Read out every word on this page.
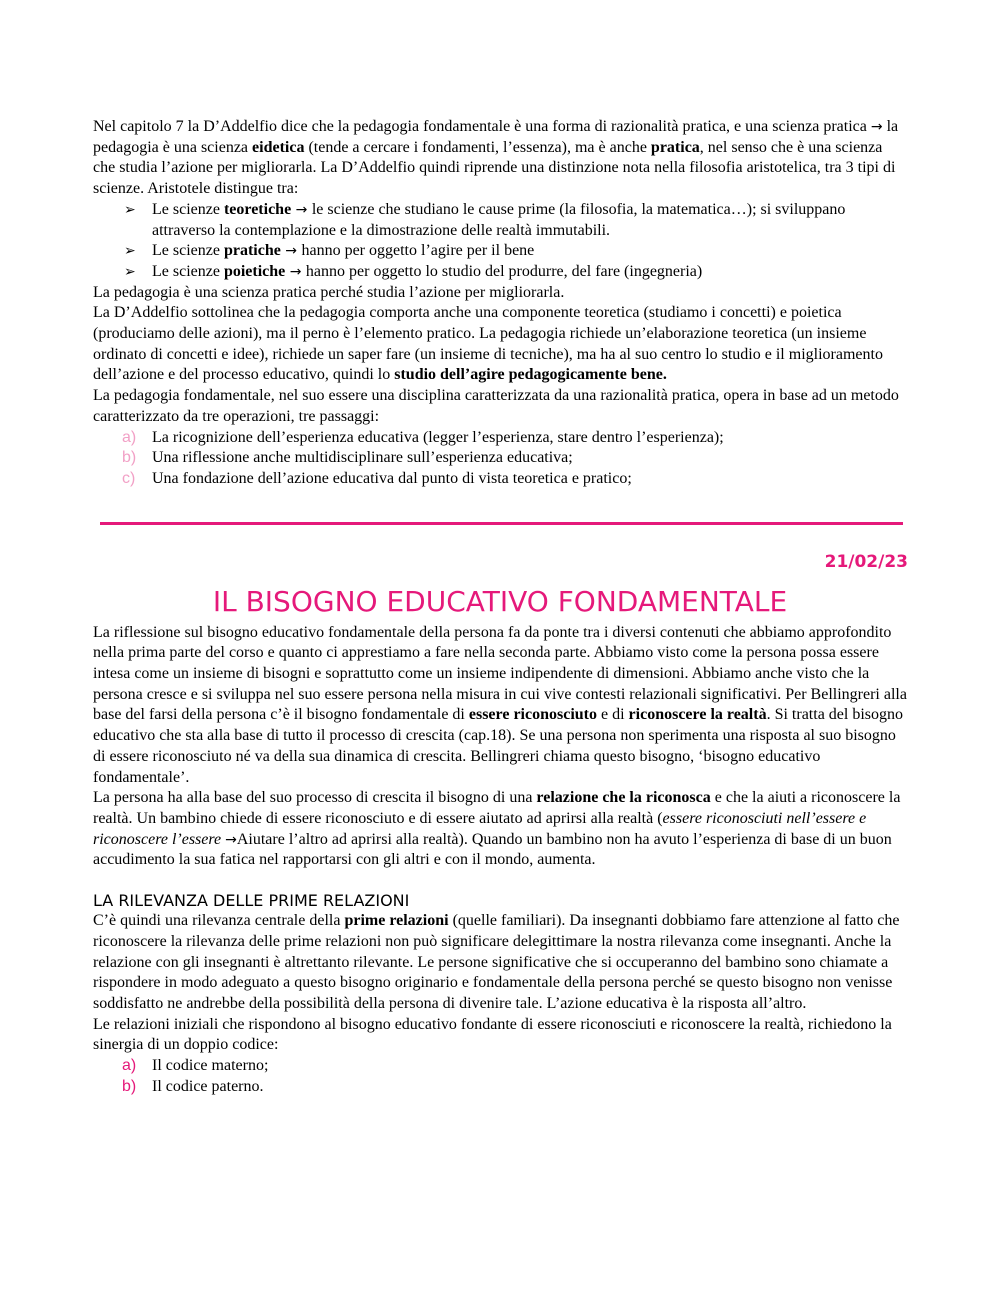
Nel capitolo 7 la D’Addelfio dice che la pedagogia fondamentale è una forma di razionalità pratica, e una scienza pratica → la pedagogia è una scienza eidetica (tende a cercare i fondamenti, l’essenza), ma è anche pratica, nel senso che è una scienza che studia l’azione per migliorarla. La D’Addelfio quindi riprende una distinzione nota nella filosofia aristotelica, tra 3 tipi di scienze. Aristotele distingue tra:

➢ Le scienze teoretiche → le scienze che studiano le cause prime (la filosofia, la matematica…); si sviluppano attraverso la contemplazione e la dimostrazione delle realtà immutabili.
➢ Le scienze pratiche → hanno per oggetto l’agire per il bene
➢ Le scienze poietiche → hanno per oggetto lo studio del produrre, del fare (ingegneria)

La pedagogia è una scienza pratica perché studia l’azione per migliorarla.

La D’Addelfio sottolinea che la pedagogia comporta anche una componente teoretica (studiamo i concetti) e poietica (produciamo delle azioni), ma il perno è l’elemento pratico. La pedagogia richiede un’elaborazione teoretica (un insieme ordinato di concetti e idee), richiede un saper fare (un insieme di tecniche), ma ha al suo centro lo studio e il miglioramento dell’azione e del processo educativo, quindi lo studio dell’agire pedagogicamente bene.

La pedagogia fondamentale, nel suo essere una disciplina caratterizzata da una razionalità pratica, opera in base ad un metodo caratterizzato da tre operazioni, tre passaggi:

a) La ricognizione dell’esperienza educativa (legger l’esperienza, stare dentro l’esperienza);
b) Una riflessione anche multidisciplinare sull’esperienza educativa;
c) Una fondazione dell’azione educativa dal punto di vista teoretica e pratico;
21/02/23
IL BISOGNO EDUCATIVO FONDAMENTALE

La riflessione sul bisogno educativo fondamentale della persona fa da ponte tra i diversi contenuti che abbiamo approfondito nella prima parte del corso e quanto ci apprestiamo a fare nella seconda parte. Abbiamo visto come la persona possa essere intesa come un insieme di bisogni e soprattutto come un insieme indipendente di dimensioni. Abbiamo anche visto che la persona cresce e si sviluppa nel suo essere persona nella misura in cui vive contesti relazionali significativi. Per Bellingreri alla base del farsi della persona c’è il bisogno fondamentale di essere riconosciuto e di riconoscere la realtà. Si tratta del bisogno educativo che sta alla base di tutto il processo di crescita (cap.18). Se una persona non sperimenta una risposta al suo bisogno di essere riconosciuto né va della sua dinamica di crescita. Bellingreri chiama questo bisogno, ‘bisogno educativo fondamentale’.

La persona ha alla base del suo processo di crescita il bisogno di una relazione che la riconosca e che la aiuti a riconoscere la realtà. Un bambino chiede di essere riconosciuto e di essere aiutato ad aprirsi alla realtà (essere riconosciuti nell’essere e riconoscere l’essere →Aiutare l’altro ad aprirsi alla realtà). Quando un bambino non ha avuto l’esperienza di base di un buon accudimento la sua fatica nel rapportarsi con gli altri e con il mondo, aumenta.

LA RILEVANZA DELLE PRIME RELAZIONI

C’è quindi una rilevanza centrale della prime relazioni (quelle familiari). Da insegnanti dobbiamo fare attenzione al fatto che riconoscere la rilevanza delle prime relazioni non può significare delegittimare la nostra rilevanza come insegnanti. Anche la relazione con gli insegnanti è altrettanto rilevante. Le persone significative che si occuperanno del bambino sono chiamate a rispondere in modo adeguato a questo bisogno originario e fondamentale della persona perché se questo bisogno non venisse soddisfatto ne andrebbe della possibilità della persona di divenire tale. L’azione educativa è la risposta all’altro.

Le relazioni iniziali che rispondono al bisogno educativo fondante di essere riconosciuti e riconoscere la realtà, richiedono la sinergia di un doppio codice:

a) Il codice materno;
b) Il codice paterno.
